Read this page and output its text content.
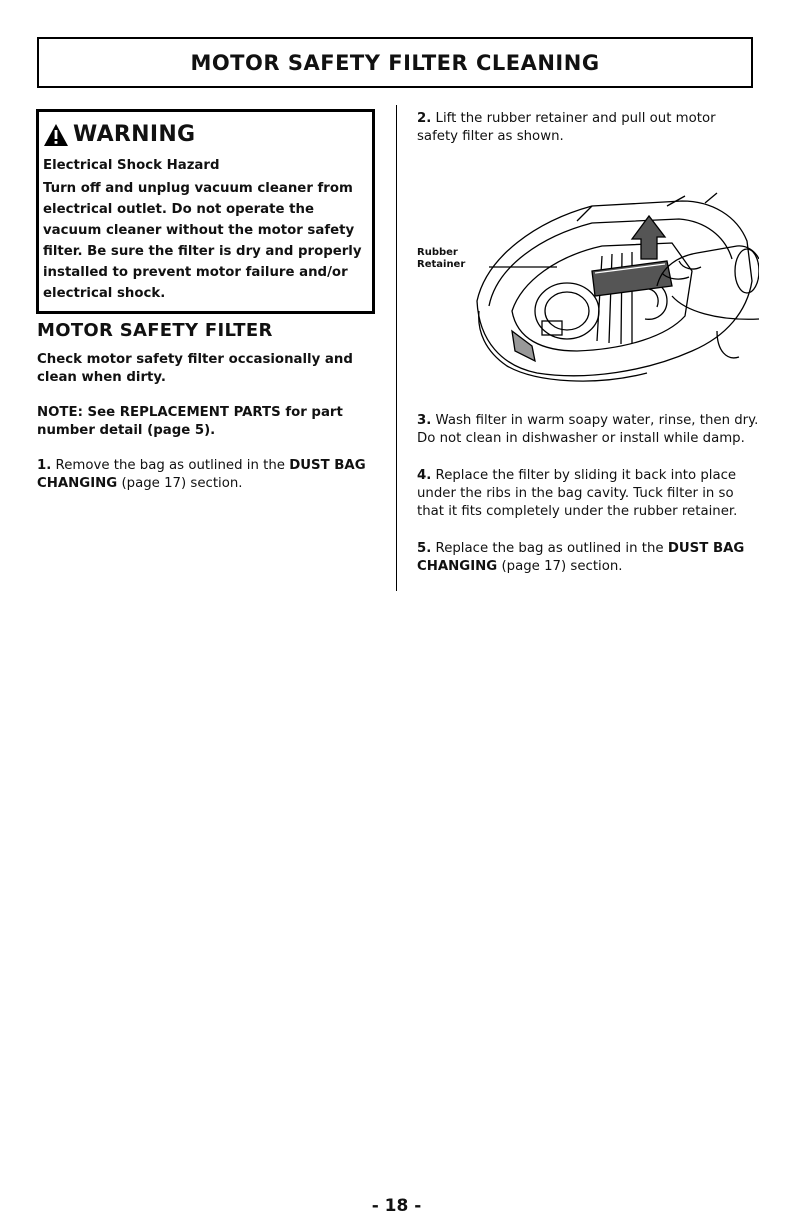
MOTOR SAFETY FILTER CLEANING
WARNING
Electrical Shock Hazard
Turn off and unplug vacuum cleaner from electrical outlet. Do not operate the vacuum cleaner without the motor safety filter. Be sure the filter is dry and properly installed to prevent motor failure and/or electrical shock.
MOTOR SAFETY FILTER

Check motor safety filter occasionally and clean when dirty.

NOTE: See REPLACEMENT PARTS for part number detail (page 5).

1. Remove the bag as outlined in the DUST BAG CHANGING (page 17) section.

2. Lift the rubber retainer and pull out motor safety filter as shown.

Rubber
Retainer

3. Wash filter in warm soapy water, rinse, then dry. Do not clean in dishwasher or install while damp.

4. Replace the filter by sliding it back into place under the ribs in the bag cavity. Tuck filter in so that it fits completely under the rubber retainer.

5. Replace the bag as outlined in the DUST BAG CHANGING (page 17) section.

- 18 -
